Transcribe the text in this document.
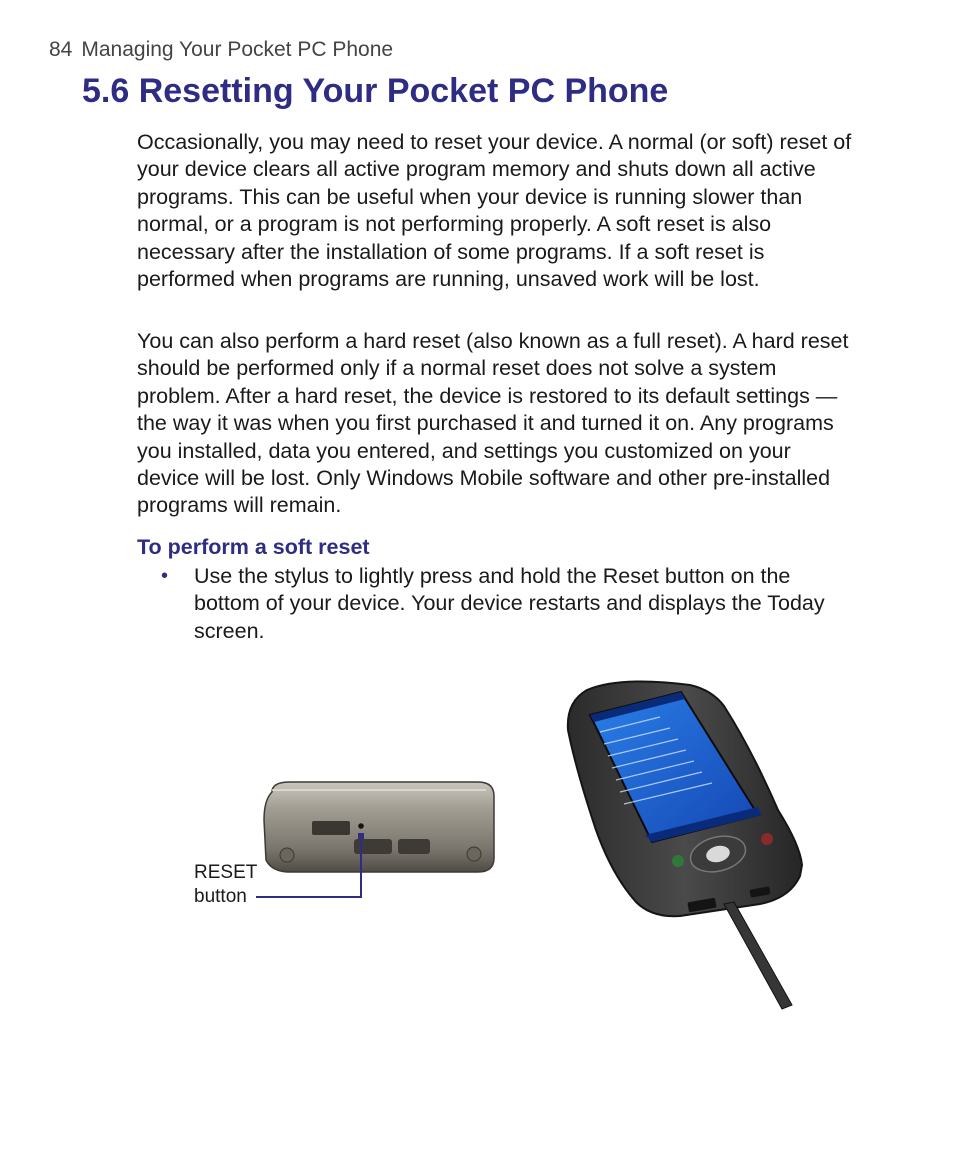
84 Managing Your Pocket PC Phone
5.6 Resetting Your Pocket PC Phone

Occasionally, you may need to reset your device. A normal (or soft) reset of your device clears all active program memory and shuts down all active programs. This can be useful when your device is running slower than normal, or a program is not performing properly. A soft reset is also necessary after the installation of some programs. If a soft reset is performed when programs are running, unsaved work will be lost.

You can also perform a hard reset (also known as a full reset). A hard reset should be performed only if a normal reset does not solve a system problem. After a hard reset, the device is restored to its default settings — the way it was when you first purchased it and turned it on. Any programs you installed, data you entered, and settings you customized on your device will be lost. Only Windows Mobile software and other pre-installed programs will remain.

To perform a soft reset
• Use the stylus to lightly press and hold the Reset button on the bottom of your device. Your device restarts and displays the Today screen.
RESET
button
